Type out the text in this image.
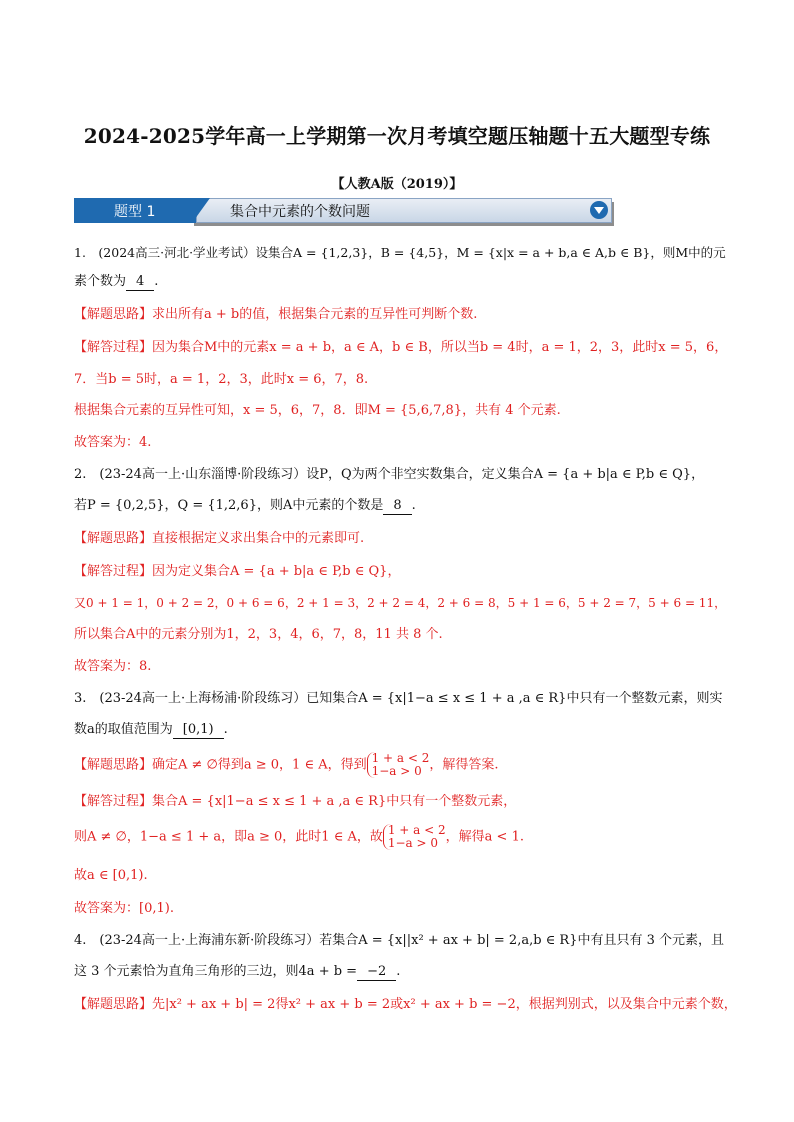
2024-2025学年高一上学期第一次月考填空题压轴题十五大题型专练
【人教A版（2019）】
题型 1	集合中元素的个数问题
1.　(2024高三·河北·学业考试）设集合A = {1,2,3}，B = {4,5}，M = {x|x = a + b,a ∈ A,b ∈ B}，则M中的元
素个数为 4 .
【解题思路】求出所有a + b的值，根据集合元素的互异性可判断个数.
【解答过程】因为集合M中的元素x = a + b，a ∈ A，b ∈ B，所以当b = 4时，a = 1，2，3，此时x = 5，6，
7．当b = 5时，a = 1，2，3，此时x = 6，7，8.
根据集合元素的互异性可知，x = 5，6，7，8．即M = {5,6,7,8}，共有 4 个元素.
故答案为：4.
2.　(23-24高一上·山东淄博·阶段练习）设P，Q为两个非空实数集合，定义集合A = {a + b|a ∈ P,b ∈ Q}，
若P = {0,2,5}，Q = {1,2,6}，则A中元素的个数是 8 .
【解题思路】直接根据定义求出集合中的元素即可.
【解答过程】因为定义集合A = {a + b|a ∈ P,b ∈ Q}，
又0 + 1 = 1，0 + 2 = 2，0 + 6 = 6，2 + 1 = 3，2 + 2 = 4，2 + 6 = 8，5 + 1 = 6，5 + 2 = 7，5 + 6 = 11，
所以集合A中的元素分别为1，2，3，4，6，7，8，11 共 8 个.
故答案为：8.
3.　(23-24高一上·上海杨浦·阶段练习）已知集合A = {x|1−a ≤ x ≤ 1 + a ,a ∈ R}中只有一个整数元素，则实
数a的取值范围为 [0,1) .
【解题思路】确定A ≠ ∅得到a ≥ 0，1 ∈ A，得到 1 + a < 2
1−a > 0 ，解得答案.
【解答过程】集合A = {x|1−a ≤ x ≤ 1 + a ,a ∈ R}中只有一个整数元素，
则A ≠ ∅，1−a ≤ 1 + a，即a ≥ 0，此时1 ∈ A，故 1 + a < 2
1−a > 0 ，解得a < 1.
故a ∈ [0,1).
故答案为：[0,1).
4.　(23-24高一上·上海浦东新·阶段练习）若集合A = {x||x² + ax + b| = 2,a,b ∈ R}中有且只有 3 个元素，且
这 3 个元素恰为直角三角形的三边，则4a + b = −2 .
【解题思路】先|x² + ax + b| = 2得x² + ax + b = 2或x² + ax + b = −2，根据判别式，以及集合中元素个数，
